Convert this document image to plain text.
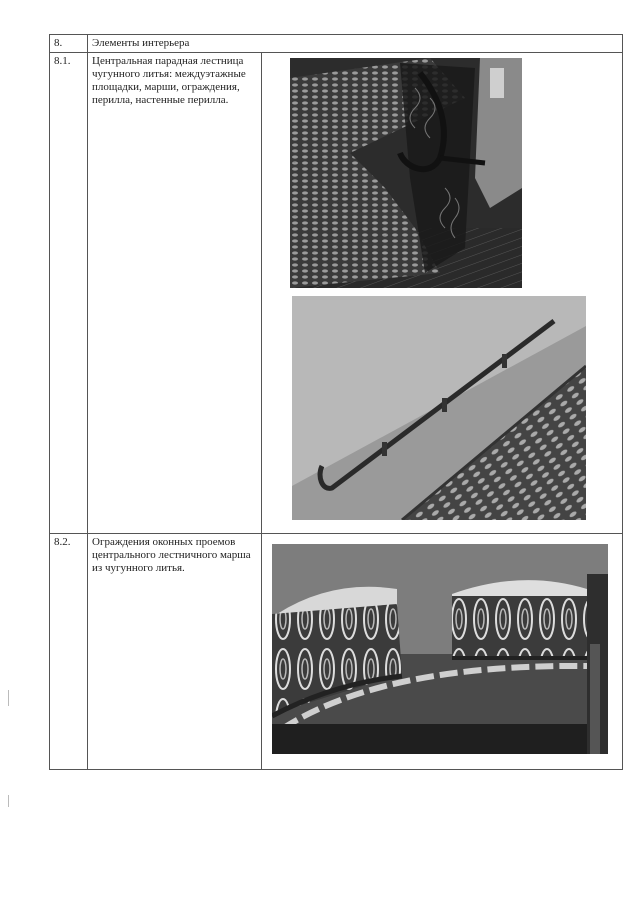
8.	Элементы интерьера	
8.1.	Центральная парадная лестница чугунного литья: междуэтажные площадки, марши, ограждения, перилла, настенные перилла.	

8.2.	Ограждения оконных проемов центрального лестничного марша из чугунного литья.	
